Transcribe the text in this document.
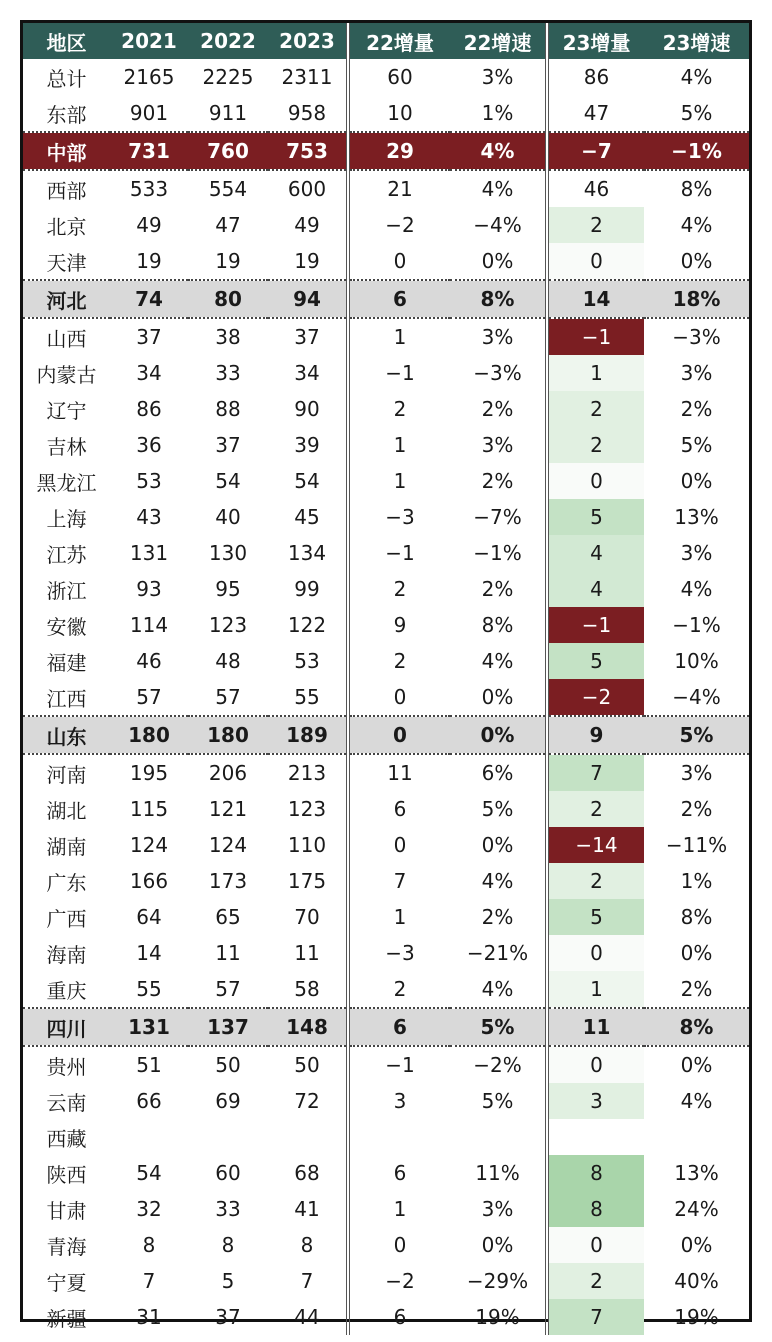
地区	2021	2022	2023	22增量	22增速	23增量	23增速
总计	2165	2225	2311	60	3%	86	4%
东部	901	911	958	10	1%	47	5%
中部	731	760	753	29	4%	−7	−1%
西部	533	554	600	21	4%	46	8%
北京	49	47	49	−2	−4%	2	4%
天津	19	19	19	0	0%	0	0%
河北	74	80	94	6	8%	14	18%
山西	37	38	37	1	3%	−1	−3%
内蒙古	34	33	34	−1	−3%	1	3%
辽宁	86	88	90	2	2%	2	2%
吉林	36	37	39	1	3%	2	5%
黑龙江	53	54	54	1	2%	0	0%
上海	43	40	45	−3	−7%	5	13%
江苏	131	130	134	−1	−1%	4	3%
浙江	93	95	99	2	2%	4	4%
安徽	114	123	122	9	8%	−1	−1%
福建	46	48	53	2	4%	5	10%
江西	57	57	55	0	0%	−2	−4%
山东	180	180	189	0	0%	9	5%
河南	195	206	213	11	6%	7	3%
湖北	115	121	123	6	5%	2	2%
湖南	124	124	110	0	0%	−14	−11%
广东	166	173	175	7	4%	2	1%
广西	64	65	70	1	2%	5	8%
海南	14	11	11	−3	−21%	0	0%
重庆	55	57	58	2	4%	1	2%
四川	131	137	148	6	5%	11	8%
贵州	51	50	50	−1	−2%	0	0%
云南	66	69	72	3	5%	3	4%
西藏							
陕西	54	60	68	6	11%	8	13%
甘肃	32	33	41	1	3%	8	24%
青海	8	8	8	0	0%	0	0%
宁夏	7	5	7	−2	−29%	2	40%
新疆	31	37	44	6	19%	7	19%
